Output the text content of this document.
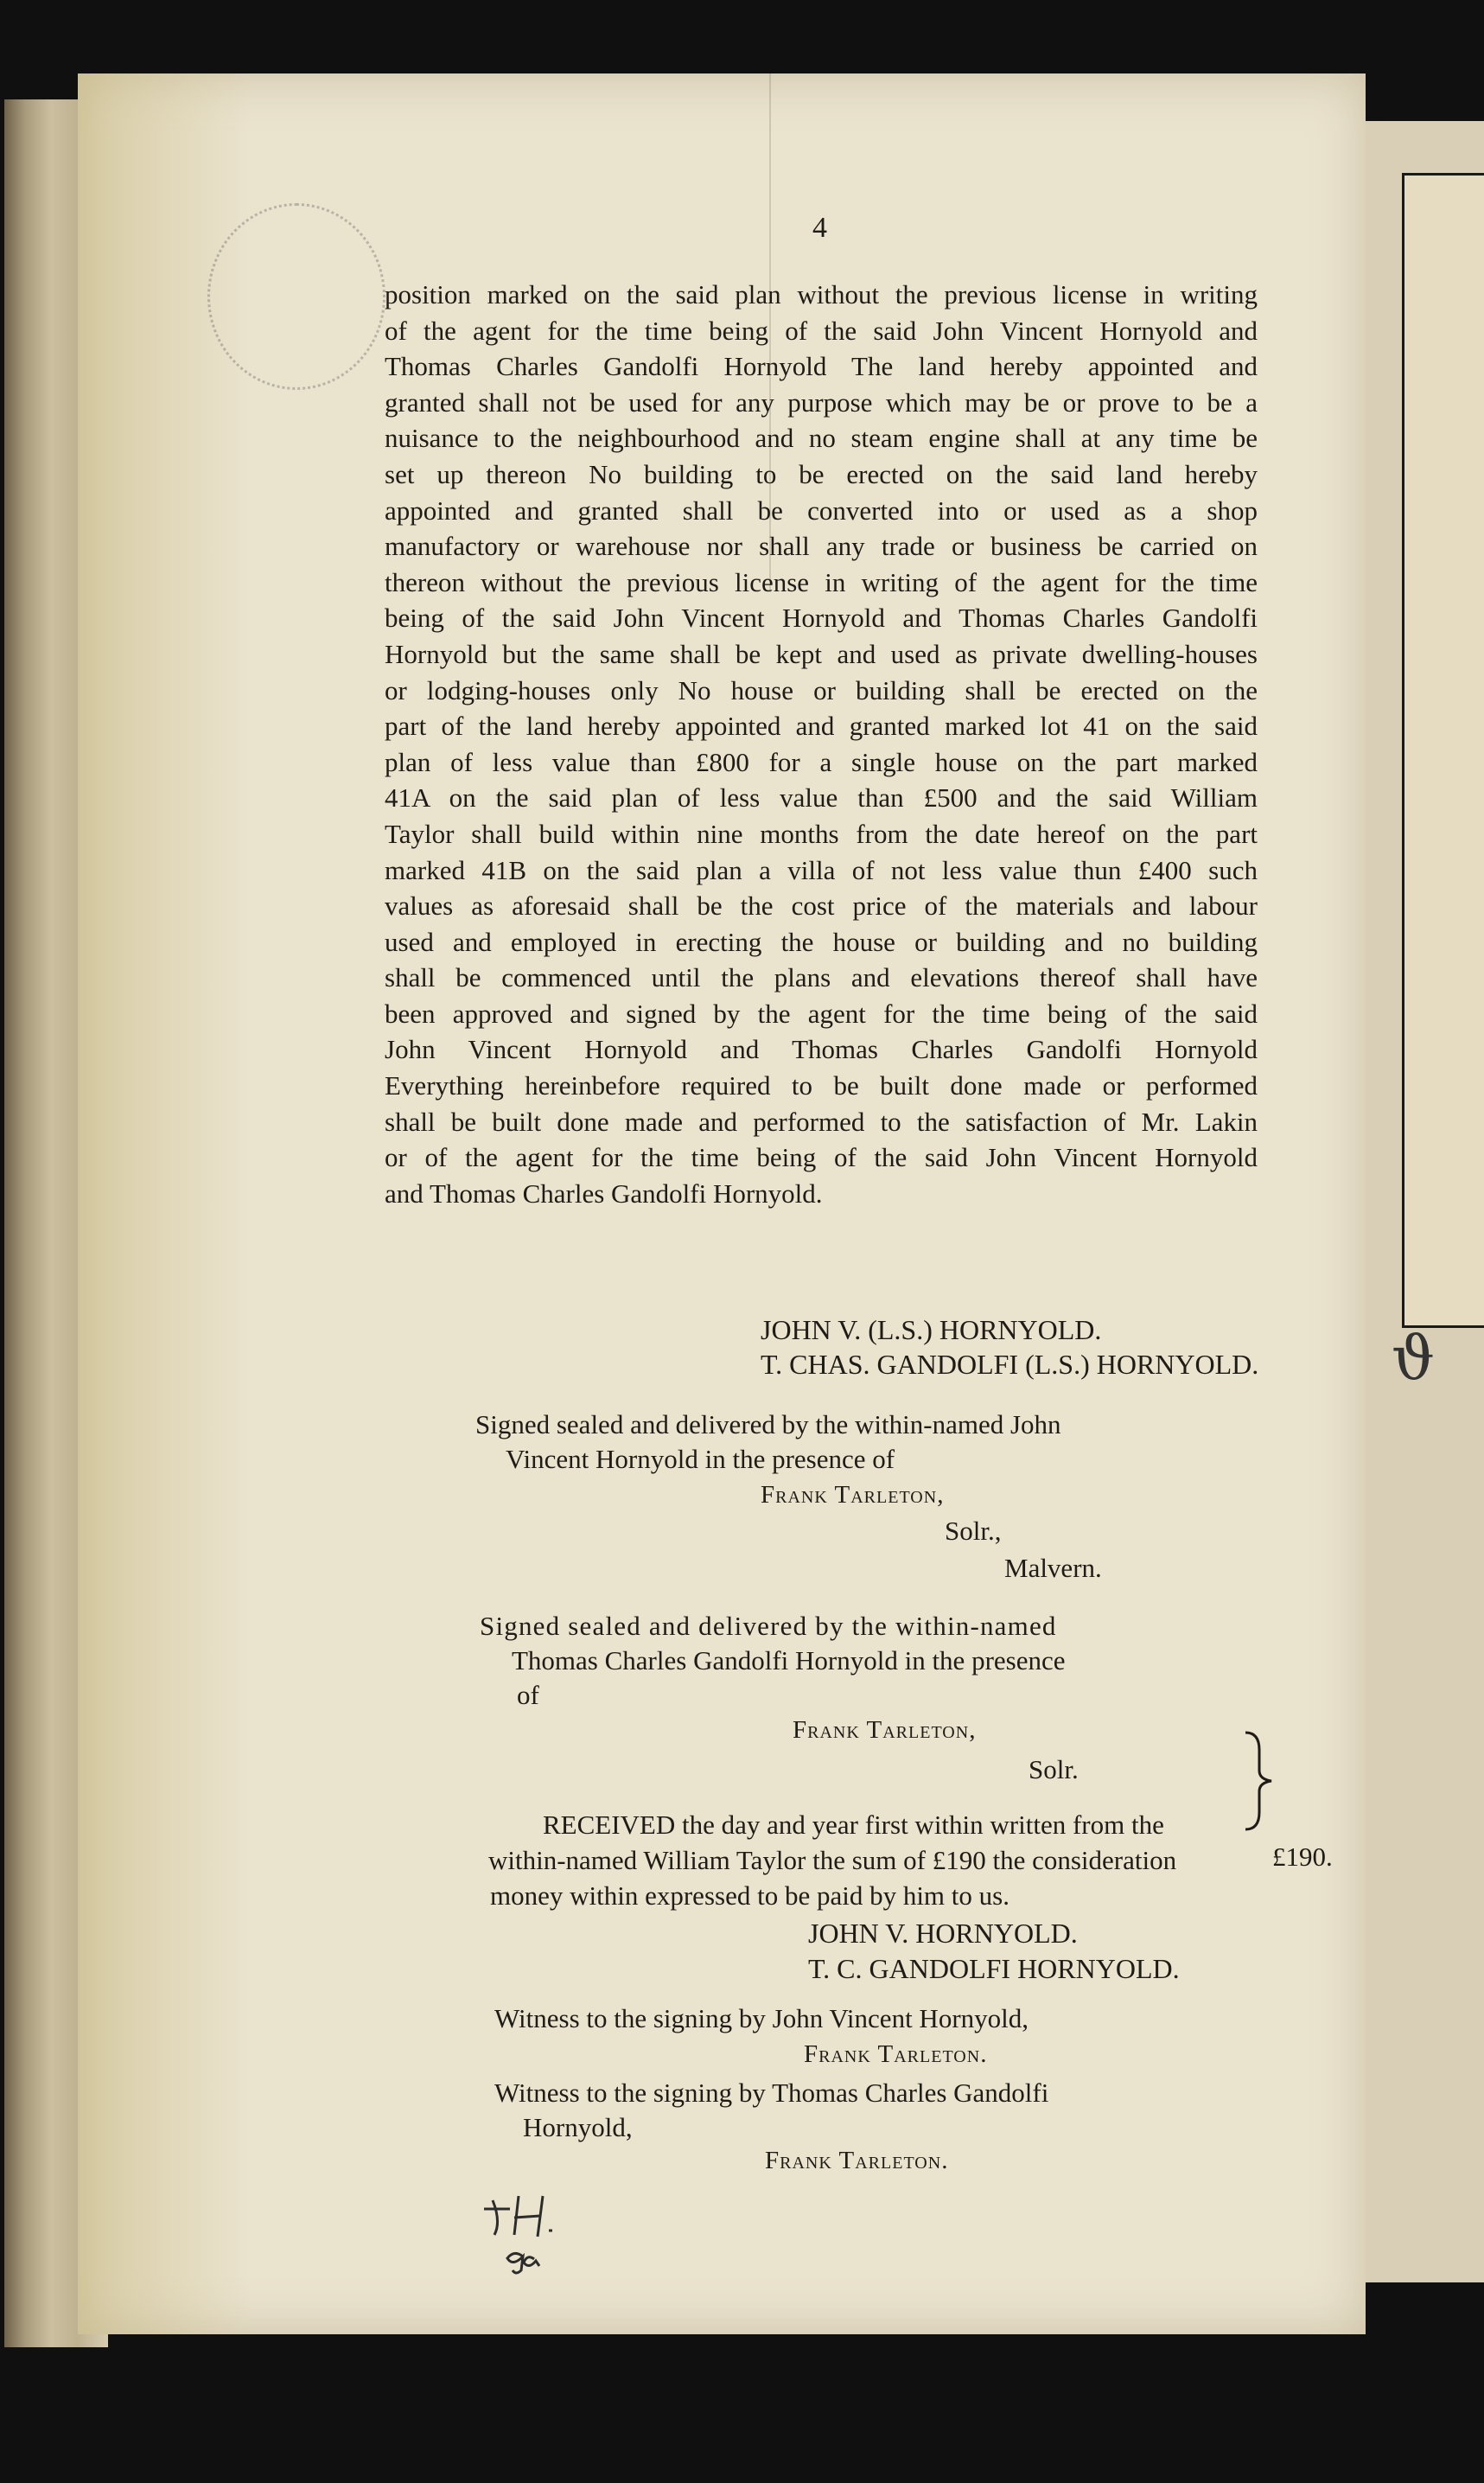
ϑ
4
position marked on the said plan without the previous license in writing
of the agent for the time being of the said John Vincent Hornyold and
Thomas Charles Gandolfi Hornyold The land hereby appointed and
granted shall not be used for any purpose which may be or prove to be a
nuisance to the neighbourhood and no steam engine shall at any time be
set up thereon No building to be erected on the said land hereby
appointed and granted shall be converted into or used as a shop
manufactory or warehouse nor shall any trade or business be carried on
thereon without the previous license in writing of the agent for the time
being of the said John Vincent Hornyold and Thomas Charles Gandolfi
Hornyold but the same shall be kept and used as private dwelling-houses
or lodging-houses only No house or building shall be erected on the
part of the land hereby appointed and granted marked lot 41 on the said
plan of less value than £800 for a single house on the part marked
41A on the said plan of less value than £500 and the said William
Taylor shall build within nine months from the date hereof on the part
marked 41B on the said plan a villa of not less value thun £400 such
values as aforesaid shall be the cost price of the materials and labour
used and employed in erecting the house or building and no building
shall be commenced until the plans and elevations thereof shall have
been approved and signed by the agent for the time being of the said
John Vincent Hornyold and Thomas Charles Gandolfi Hornyold
Everything hereinbefore required to be built done made or performed
shall be built done made and performed to the satisfaction of Mr. Lakin
or of the agent for the time being of the said John Vincent Hornyold
and Thomas Charles Gandolfi Hornyold.
JOHN V. (L.S.) HORNYOLD.
T. CHAS. GANDOLFI (L.S.) HORNYOLD.
Signed sealed and delivered by the within-named John
Vincent Hornyold in the presence of
Frank Tarleton,
Solr.,
Malvern.
Signed sealed and delivered by the within-named
Thomas Charles Gandolfi Hornyold in the presence
of
Frank Tarleton,
Solr.
RECEIVED the day and year first within written from the
within-named William Taylor the sum of £190 the consideration
money within expressed to be paid by him to us.
£190.
JOHN V. HORNYOLD.
T. C. GANDOLFI HORNYOLD.
Witness to the signing by John Vincent Hornyold,
Frank Tarleton.
Witness to the signing by Thomas Charles Gandolfi
Hornyold,
Frank Tarleton.
